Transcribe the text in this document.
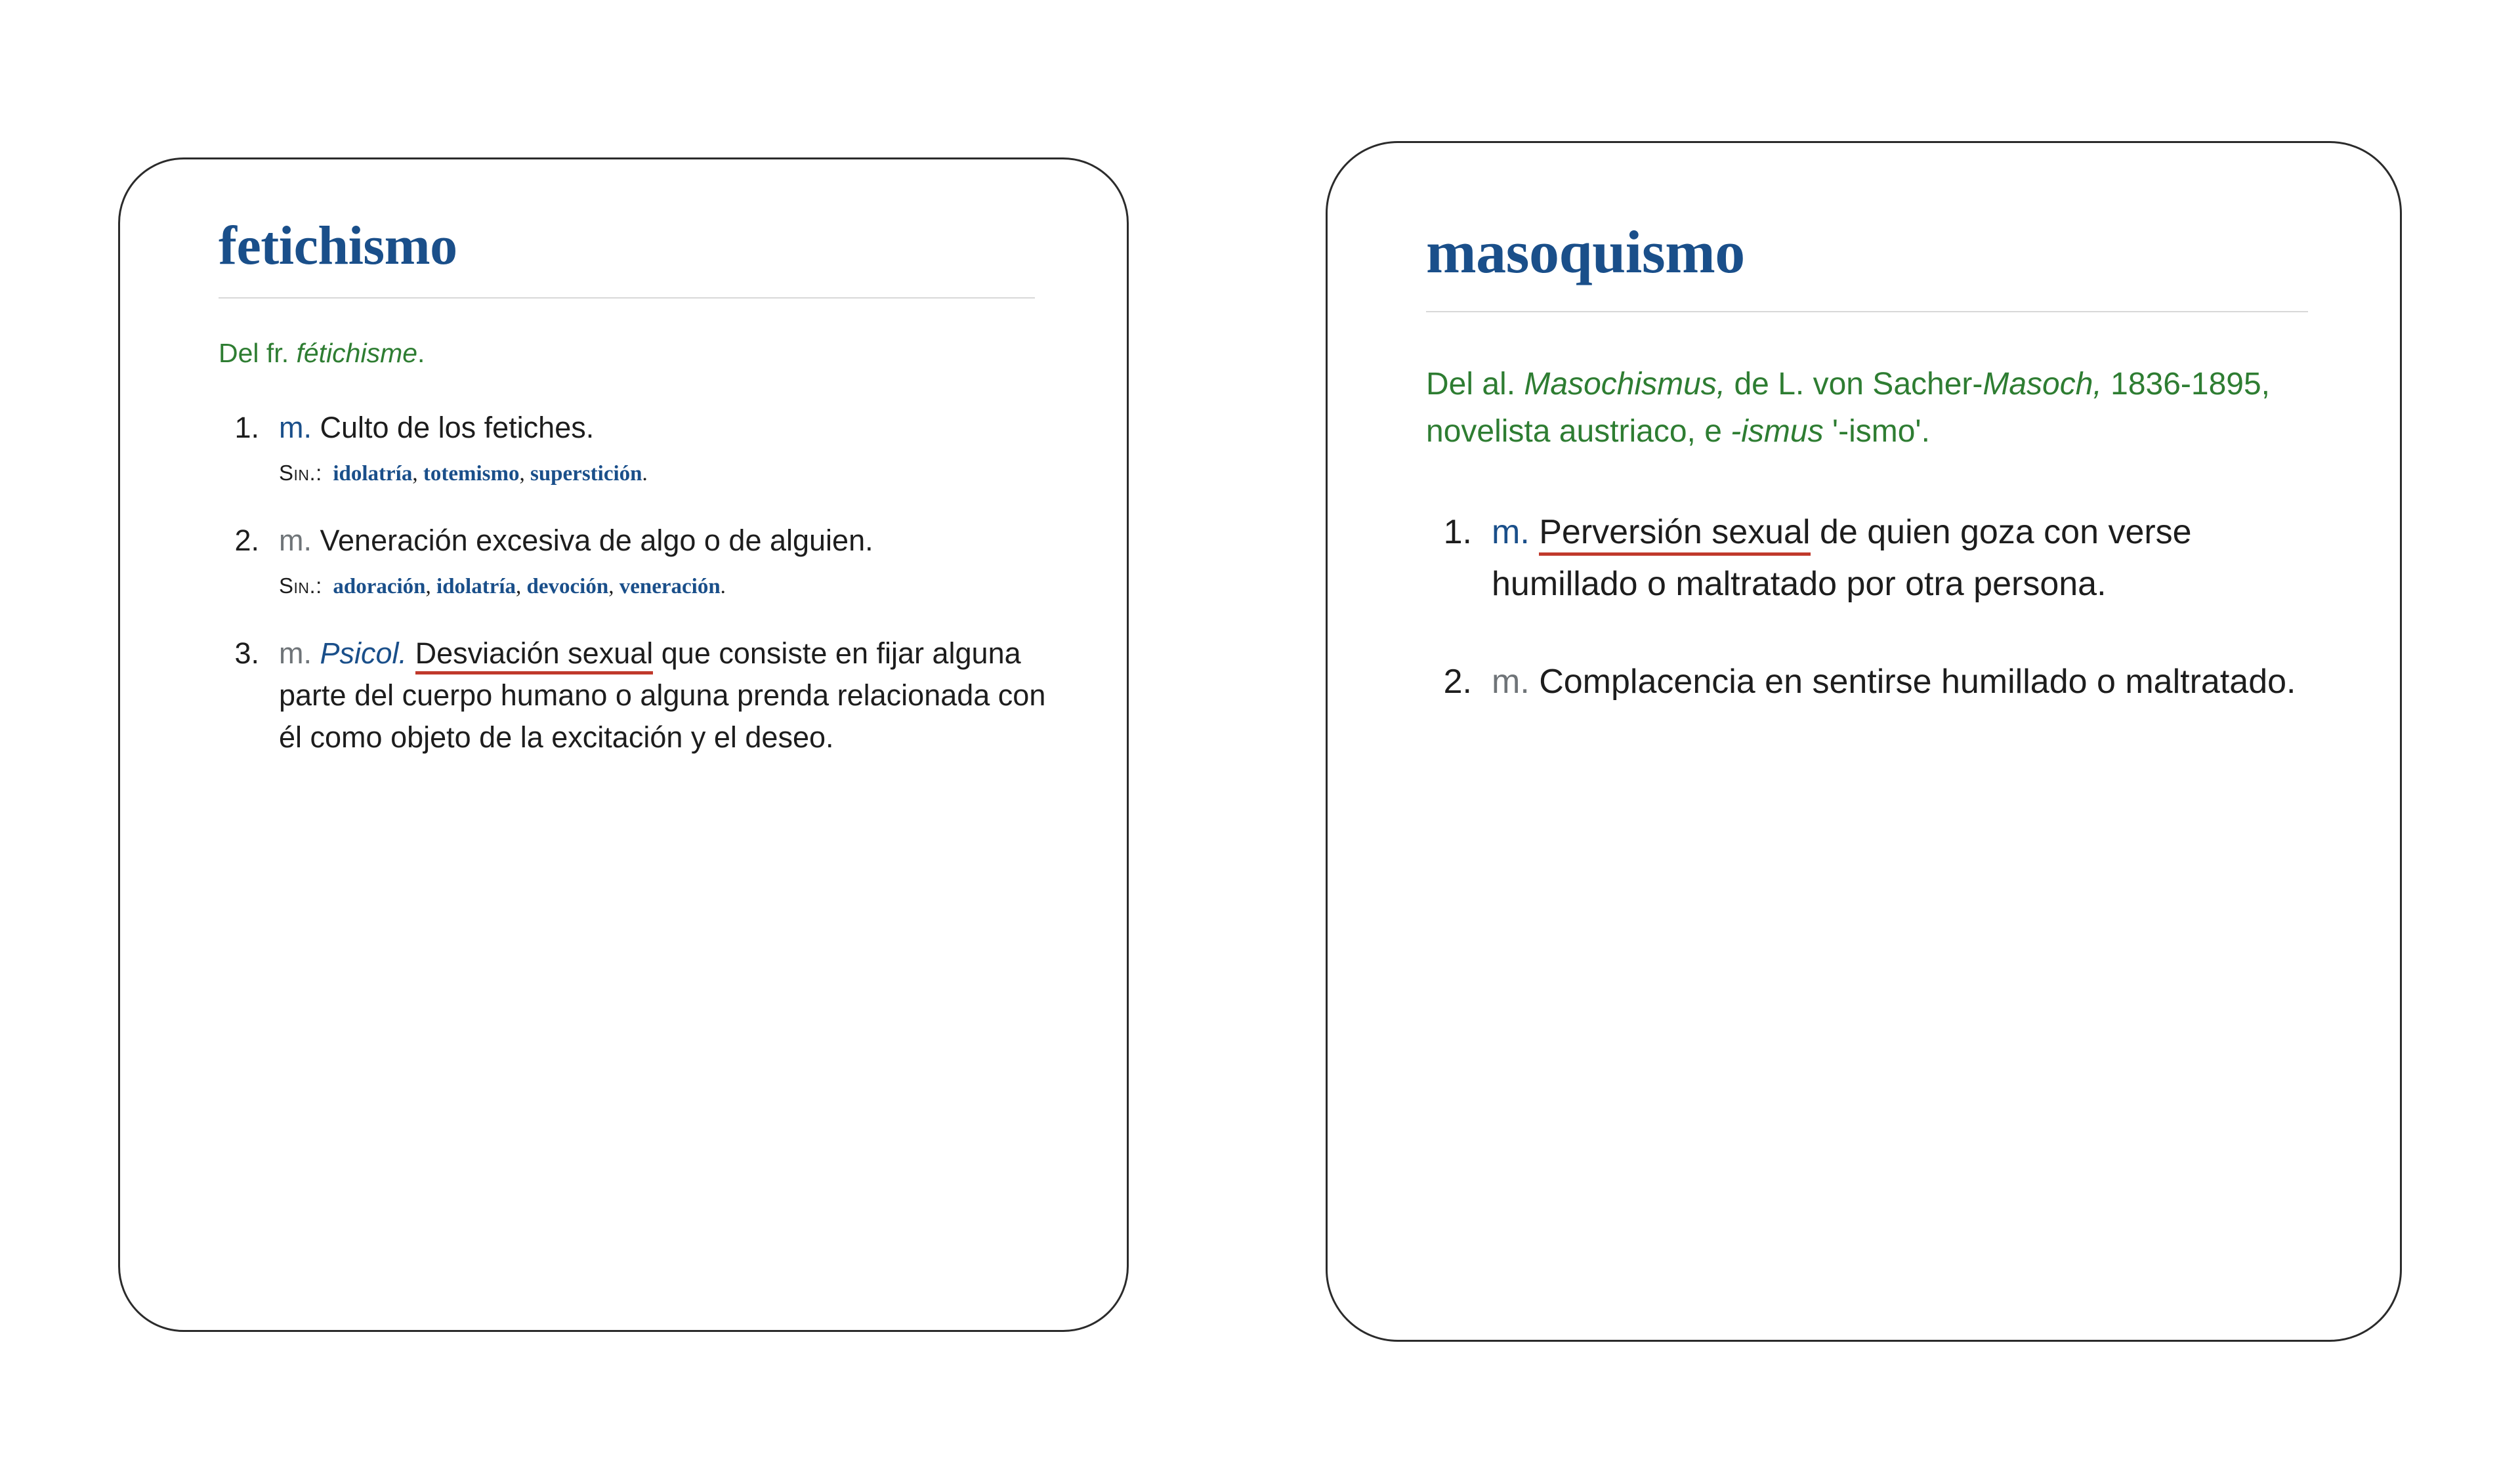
fetichismo

Del fr. fétichisme.

1. m. Culto de los fetiches.
Sin.: idolatría, totemismo, superstición.
2. m. Veneración excesiva de algo o de alguien.
Sin.: adoración, idolatría, devoción, veneración.
3. m. Psicol. Desviación sexual que consiste en fijar alguna parte del cuerpo humano o alguna prenda relacionada con él como objeto de la excitación y el deseo.
masoquismo

Del al. Masochismus, de L. von Sacher-Masoch, 1836-1895, novelista austriaco, e -ismus '-ismo'.

1. m. Perversión sexual de quien goza con verse humillado o maltratado por otra persona.
2. m. Complacencia en sentirse humillado o maltratado.
